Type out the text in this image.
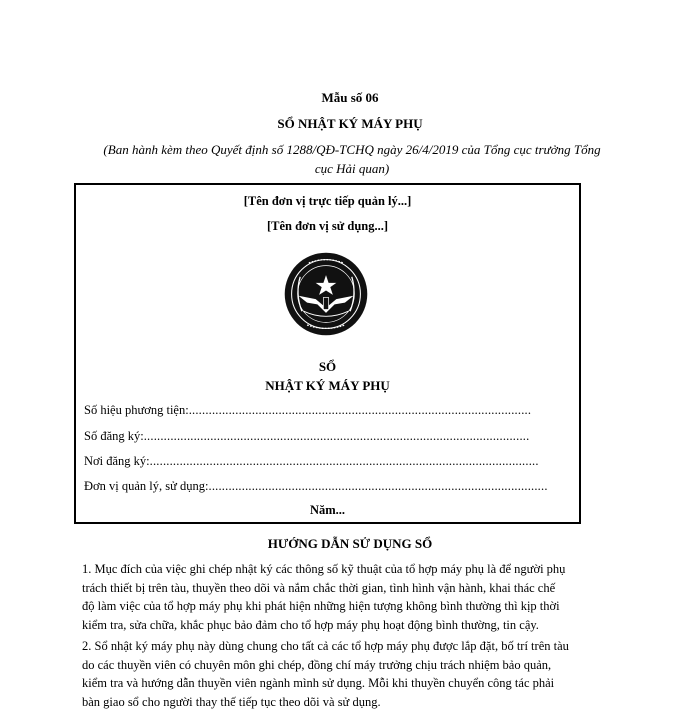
Mẫu số 06
SỔ NHẬT KÝ MÁY PHỤ
(Ban hành kèm theo Quyết định số 1288/QĐ-TCHQ ngày 26/4/2019 của Tổng cục trưởng Tổng
cục Hải quan)
[Tên đơn vị trực tiếp quản lý...]
[Tên đơn vị sử dụng...]
SỔ
NHẬT KÝ MÁY PHỤ
Số hiệu phương tiện: .......................................................................................................
Số đăng ký: ....................................................................................................................
Nơi đăng ký: .....................................................................................................................
Đơn vị quản lý, sử dụng: ......................................................................................................
Năm...
HƯỚNG DẪN SỬ DỤNG SỔ
1. Mục đích của việc ghi chép nhật ký các thông số kỹ thuật của tổ hợp máy phụ là để người phụ
trách thiết bị trên tàu, thuyền theo dõi và nắm chắc thời gian, tình hình vận hành, khai thác chế
độ làm việc của tổ hợp máy phụ khi phát hiện những hiện tượng không bình thường thì kịp thời
kiểm tra, sửa chữa, khắc phục bảo đảm cho tổ hợp máy phụ hoạt động bình thường, tin cậy.
2. Sổ nhật ký máy phụ này dùng chung cho tất cả các tổ hợp máy phụ được lắp đặt, bố trí trên tàu
do các thuyền viên có chuyên môn ghi chép, đồng chí máy trưởng chịu trách nhiệm bảo quản,
kiểm tra và hướng dẫn thuyền viên ngành mình sử dụng. Mỗi khi thuyền chuyển công tác phải
bàn giao sổ cho người thay thế tiếp tục theo dõi và sử dụng.
